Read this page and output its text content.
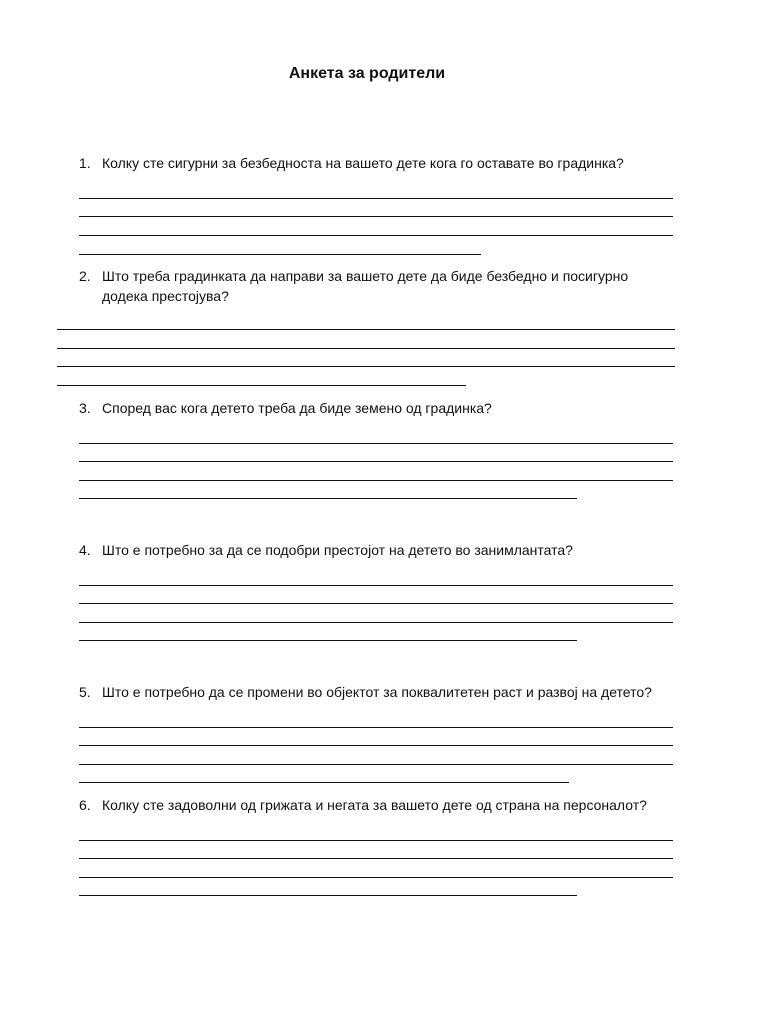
Анкета за родители
1. Колку сте сигурни за безбедноста на вашето дете кога го оставате во градинка?
2. Што треба градинката да направи за вашето дете да биде безбедно и посигурно
додека престојува?
3. Според вас кога детето треба да биде земено од градинка?
4. Што е потребно за да се подобри престојот на детето во занимлантата?
5. Што е потребно да се промени во објектот за поквалитетен раст и развој на детето?
6. Колку сте задоволни од грижата и негата за вашето дете од страна на персоналот?
